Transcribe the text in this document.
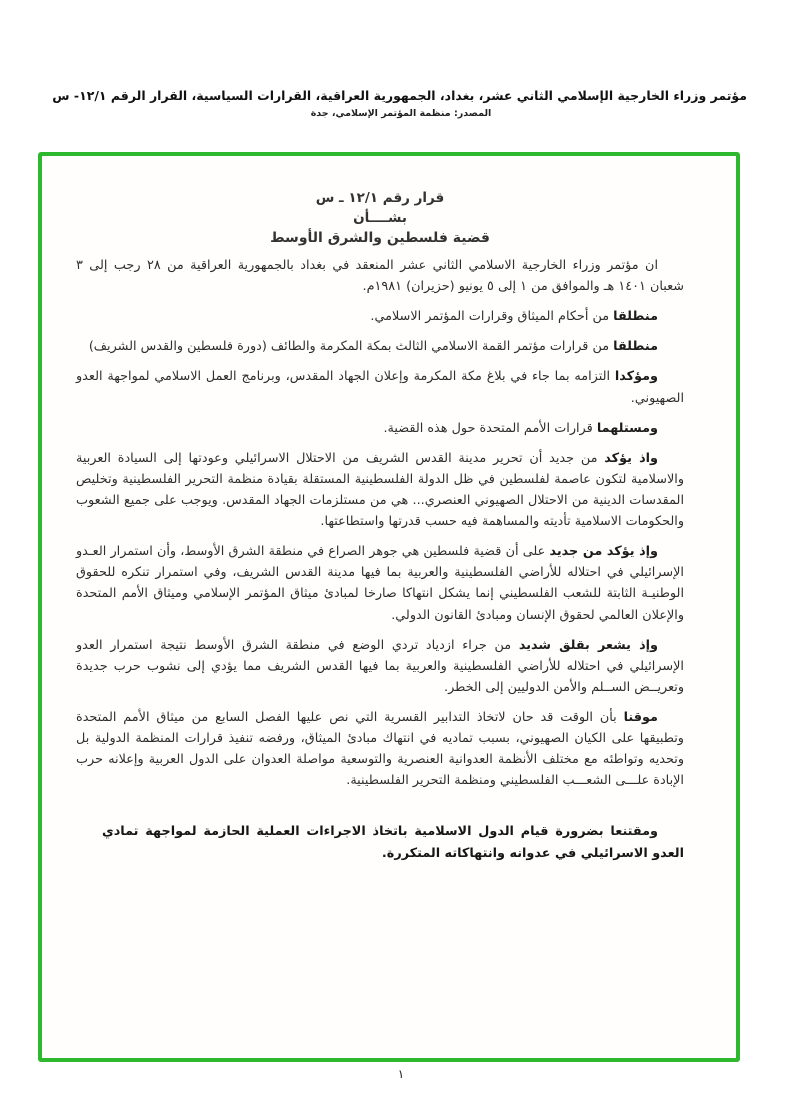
مؤتمر وزراء الخارجية الإسلامي الثاني عشر، بغداد، الجمهورية العراقية، القرارات السياسية، القرار الرقم ١٢/١- س
المصدر: منظمة المؤتمر الإسلامي، جدة
قرار رقم ١٢/١ ـ س
بشــــأن
قضية فلسطين والشرق الأوسط

ان مؤتمر وزراء الخارجية الاسلامي الثاني عشر المنعقد في بغداد بالجمهورية العراقية من ٢٨ رجب إلى ٣ شعبان ١٤٠١ هـ والموافق من ١ إلى ٥ يونيو (حزيران) ١٩٨١م.

منطلقا من أحكام الميثاق وقرارات المؤتمر الاسلامي.

منطلقا من قرارات مؤتمر القمة الاسلامي الثالث بمكة المكرمة والطائف (دورة فلسطين والقدس الشريف)

ومؤكدا التزامه بما جاء في بلاغ مكة المكرمة وإعلان الجهاد المقدس، وبرنامج العمل الاسلامي لمواجهة العدو الصهيوني.

ومستلهما قرارات الأمم المتحدة حول هذه القضية.

واذ يؤكد من جديد أن تحرير مدينة القدس الشريف من الاحتلال الاسرائيلي وعودتها إلى السيادة العربية والاسلامية لتكون عاصمة لفلسطين في ظل الدولة الفلسطينية المستقلة بقيادة منظمة التحرير الفلسطينية وتخليص المقدسات الدينية من الاحتلال الصهيوني العنصري... هي من مستلزمات الجهاد المقدس. ويوجب على جميع الشعوب والحكومات الاسلامية تأديته والمساهمة فيه حسب قدرتها واستطاعتها.

وإذ يؤكد من جديد على أن قضية فلسطين هي جوهر الصراع في منطقة الشرق الأوسط، وأن استمرار العـدو الإسرائيلي في احتلاله للأراضي الفلسطينية والعربية بما فيها مدينة القدس الشريف، وفي استمرار تنكره للحقوق الوطنيـة الثابتة للشعب الفلسطيني إنما يشكل انتهاكا صارخا لمبادئ ميثاق المؤتمر الإسلامي وميثاق الأمم المتحدة والإعلان العالمي لحقوق الإنسان ومبادئ القانون الدولي.

وإذ يشعر بقلق شديد من جراء ازدياد تردي الوضع في منطقة الشرق الأوسط نتيجة استمرار العدو الإسرائيلي في احتلاله للأراضي الفلسطينية والعربية بما فيها القدس الشريف مما يؤدي إلى نشوب حرب جديدة وتعريــض الســلم والأمن الدوليين إلى الخطر.

موقنا بأن الوقت قد حان لاتخاذ التدابير القسرية التي نص عليها الفصل السابع من ميثاق الأمم المتحدة وتطبيقها على الكيان الصهيوني، بسبب تماديه في انتهاك مبادئ الميثاق، ورفضه تنفيذ قرارات المنظمة الدولية بل وتحديه وتواطئه مع مختلف الأنظمة العدوانية العنصرية والتوسعية مواصلة العدوان على الدول العربية وإعلانه حرب الإبادة علـــى الشعـــب الفلسطيني ومنظمة التحرير الفلسطينية.

ومقتنعا بضرورة قيام الدول الاسلامية باتخاذ الاجراءات العملية الحازمة لمواجهة تمادي العدو الاسرائيلي في عدوانه وانتهاكاته المتكررة.

١
